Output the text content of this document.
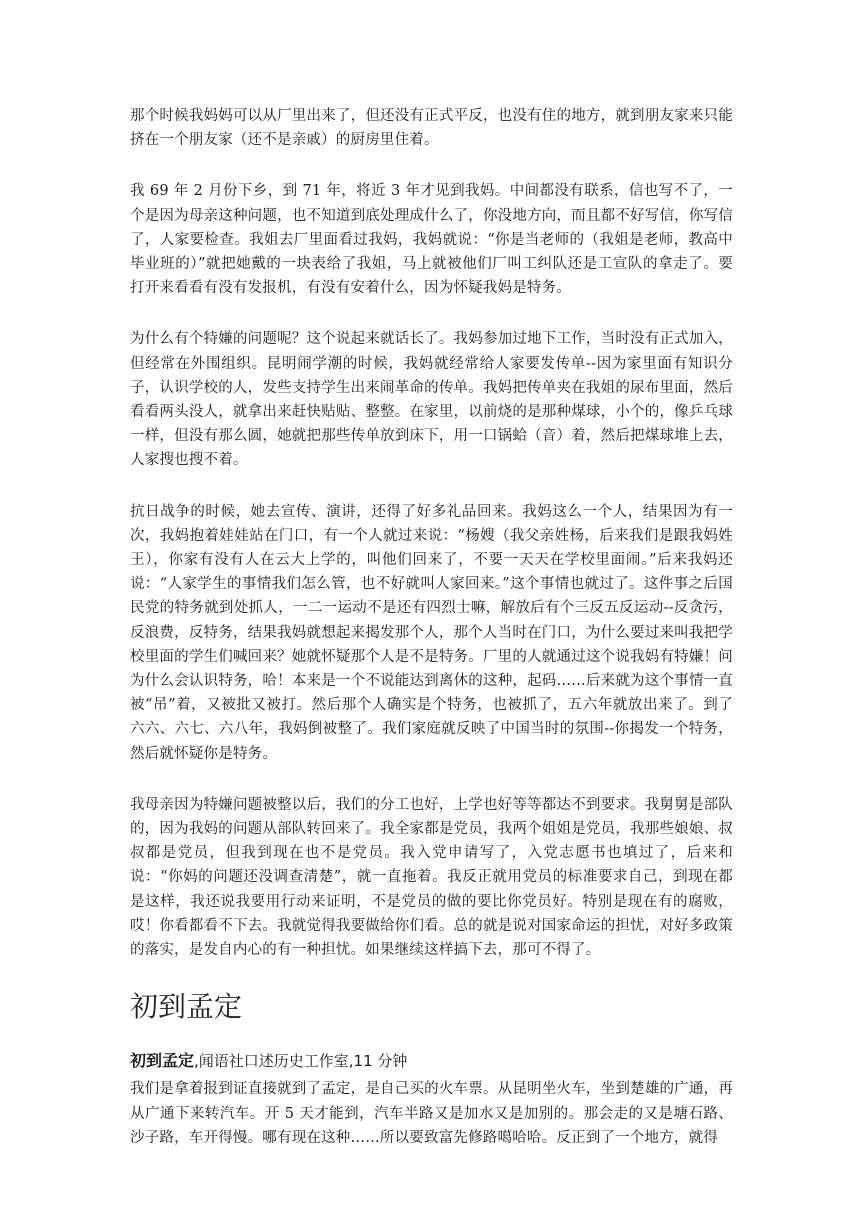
那个时候我妈妈可以从厂里出来了，但还没有正式平反，也没有住的地方，就到朋友家来只能挤在一个朋友家（还不是亲戚）的厨房里住着。

我 69 年 2 月份下乡，到 71 年，将近 3 年才见到我妈。中间都没有联系，信也写不了，一个是因为母亲这种问题，也不知道到底处理成什么了，你没地方向，而且都不好写信，你写信了，人家要检查。我姐去厂里面看过我妈，我妈就说：“你是当老师的（我姐是老师，教高中毕业班的）”就把她戴的一块表给了我姐，马上就被他们厂叫工纠队还是工宣队的拿走了。要打开来看看有没有发报机，有没有安着什么，因为怀疑我妈是特务。

为什么有个特嫌的问题呢？这个说起来就话长了。我妈参加过地下工作，当时没有正式加入，但经常在外围组织。昆明闹学潮的时候，我妈就经常给人家要发传单--因为家里面有知识分子，认识学校的人，发些支持学生出来闹革命的传单。我妈把传单夹在我姐的尿布里面，然后看看两头没人，就拿出来赶快贴贴、整整。在家里，以前烧的是那种煤球，小个的，像乒乓球一样，但没有那么圆，她就把那些传单放到床下，用一口锅蛤（音）着，然后把煤球堆上去，人家搜也搜不着。

抗日战争的时候，她去宣传、演讲，还得了好多礼品回来。我妈这么一个人，结果因为有一次，我妈抱着娃娃站在门口，有一个人就过来说：“杨嫂（我父亲姓杨，后来我们是跟我妈姓王），你家有没有人在云大上学的，叫他们回来了，不要一天天在学校里面闹。”后来我妈还说：“人家学生的事情我们怎么管，也不好就叫人家回来。”这个事情也就过了。这件事之后国民党的特务就到处抓人，一二一运动不是还有四烈士嘛，解放后有个三反五反运动--反贪污，反浪费，反特务，结果我妈就想起来揭发那个人，那个人当时在门口，为什么要过来叫我把学校里面的学生们喊回来？她就怀疑那个人是不是特务。厂里的人就通过这个说我妈有特嫌！问为什么会认识特务，哈！本来是一个不说能达到离休的这种，起码……后来就为这个事情一直被“吊”着，又被批又被打。然后那个人确实是个特务，也被抓了，五六年就放出来了。到了六六、六七、六八年，我妈倒被整了。我们家庭就反映了中国当时的氛围--你揭发一个特务，然后就怀疑你是特务。

我母亲因为特嫌问题被整以后，我们的分工也好，上学也好等等都达不到要求。我舅舅是部队的，因为我妈的问题从部队转回来了。我全家都是党员，我两个姐姐是党员，我那些娘娘、叔叔都是党员，但我到现在也不是党员。我入党申请写了，入党志愿书也填过了，后来和说：“你妈的问题还没调查清楚”，就一直拖着。我反正就用党员的标准要求自己，到现在都是这样，我还说我要用行动来证明，不是党员的做的要比你党员好。特别是现在有的腐败，哎！你看都看不下去。我就觉得我要做给你们看。总的就是说对国家命运的担忧，对好多政策的落实，是发自内心的有一种担忧。如果继续这样搞下去，那可不得了。

初到孟定
初到孟定,闻语社口述历史工作室,11 分钟

我们是拿着报到证直接就到了孟定，是自己买的火车票。从昆明坐火车，坐到楚雄的广通，再从广通下来转汽车。开 5 天才能到，汽车半路又是加水又是加别的。那会走的又是塘石路、沙子路，车开得慢。哪有现在这种……所以要致富先修路噶哈哈。反正到了一个地方，就得
